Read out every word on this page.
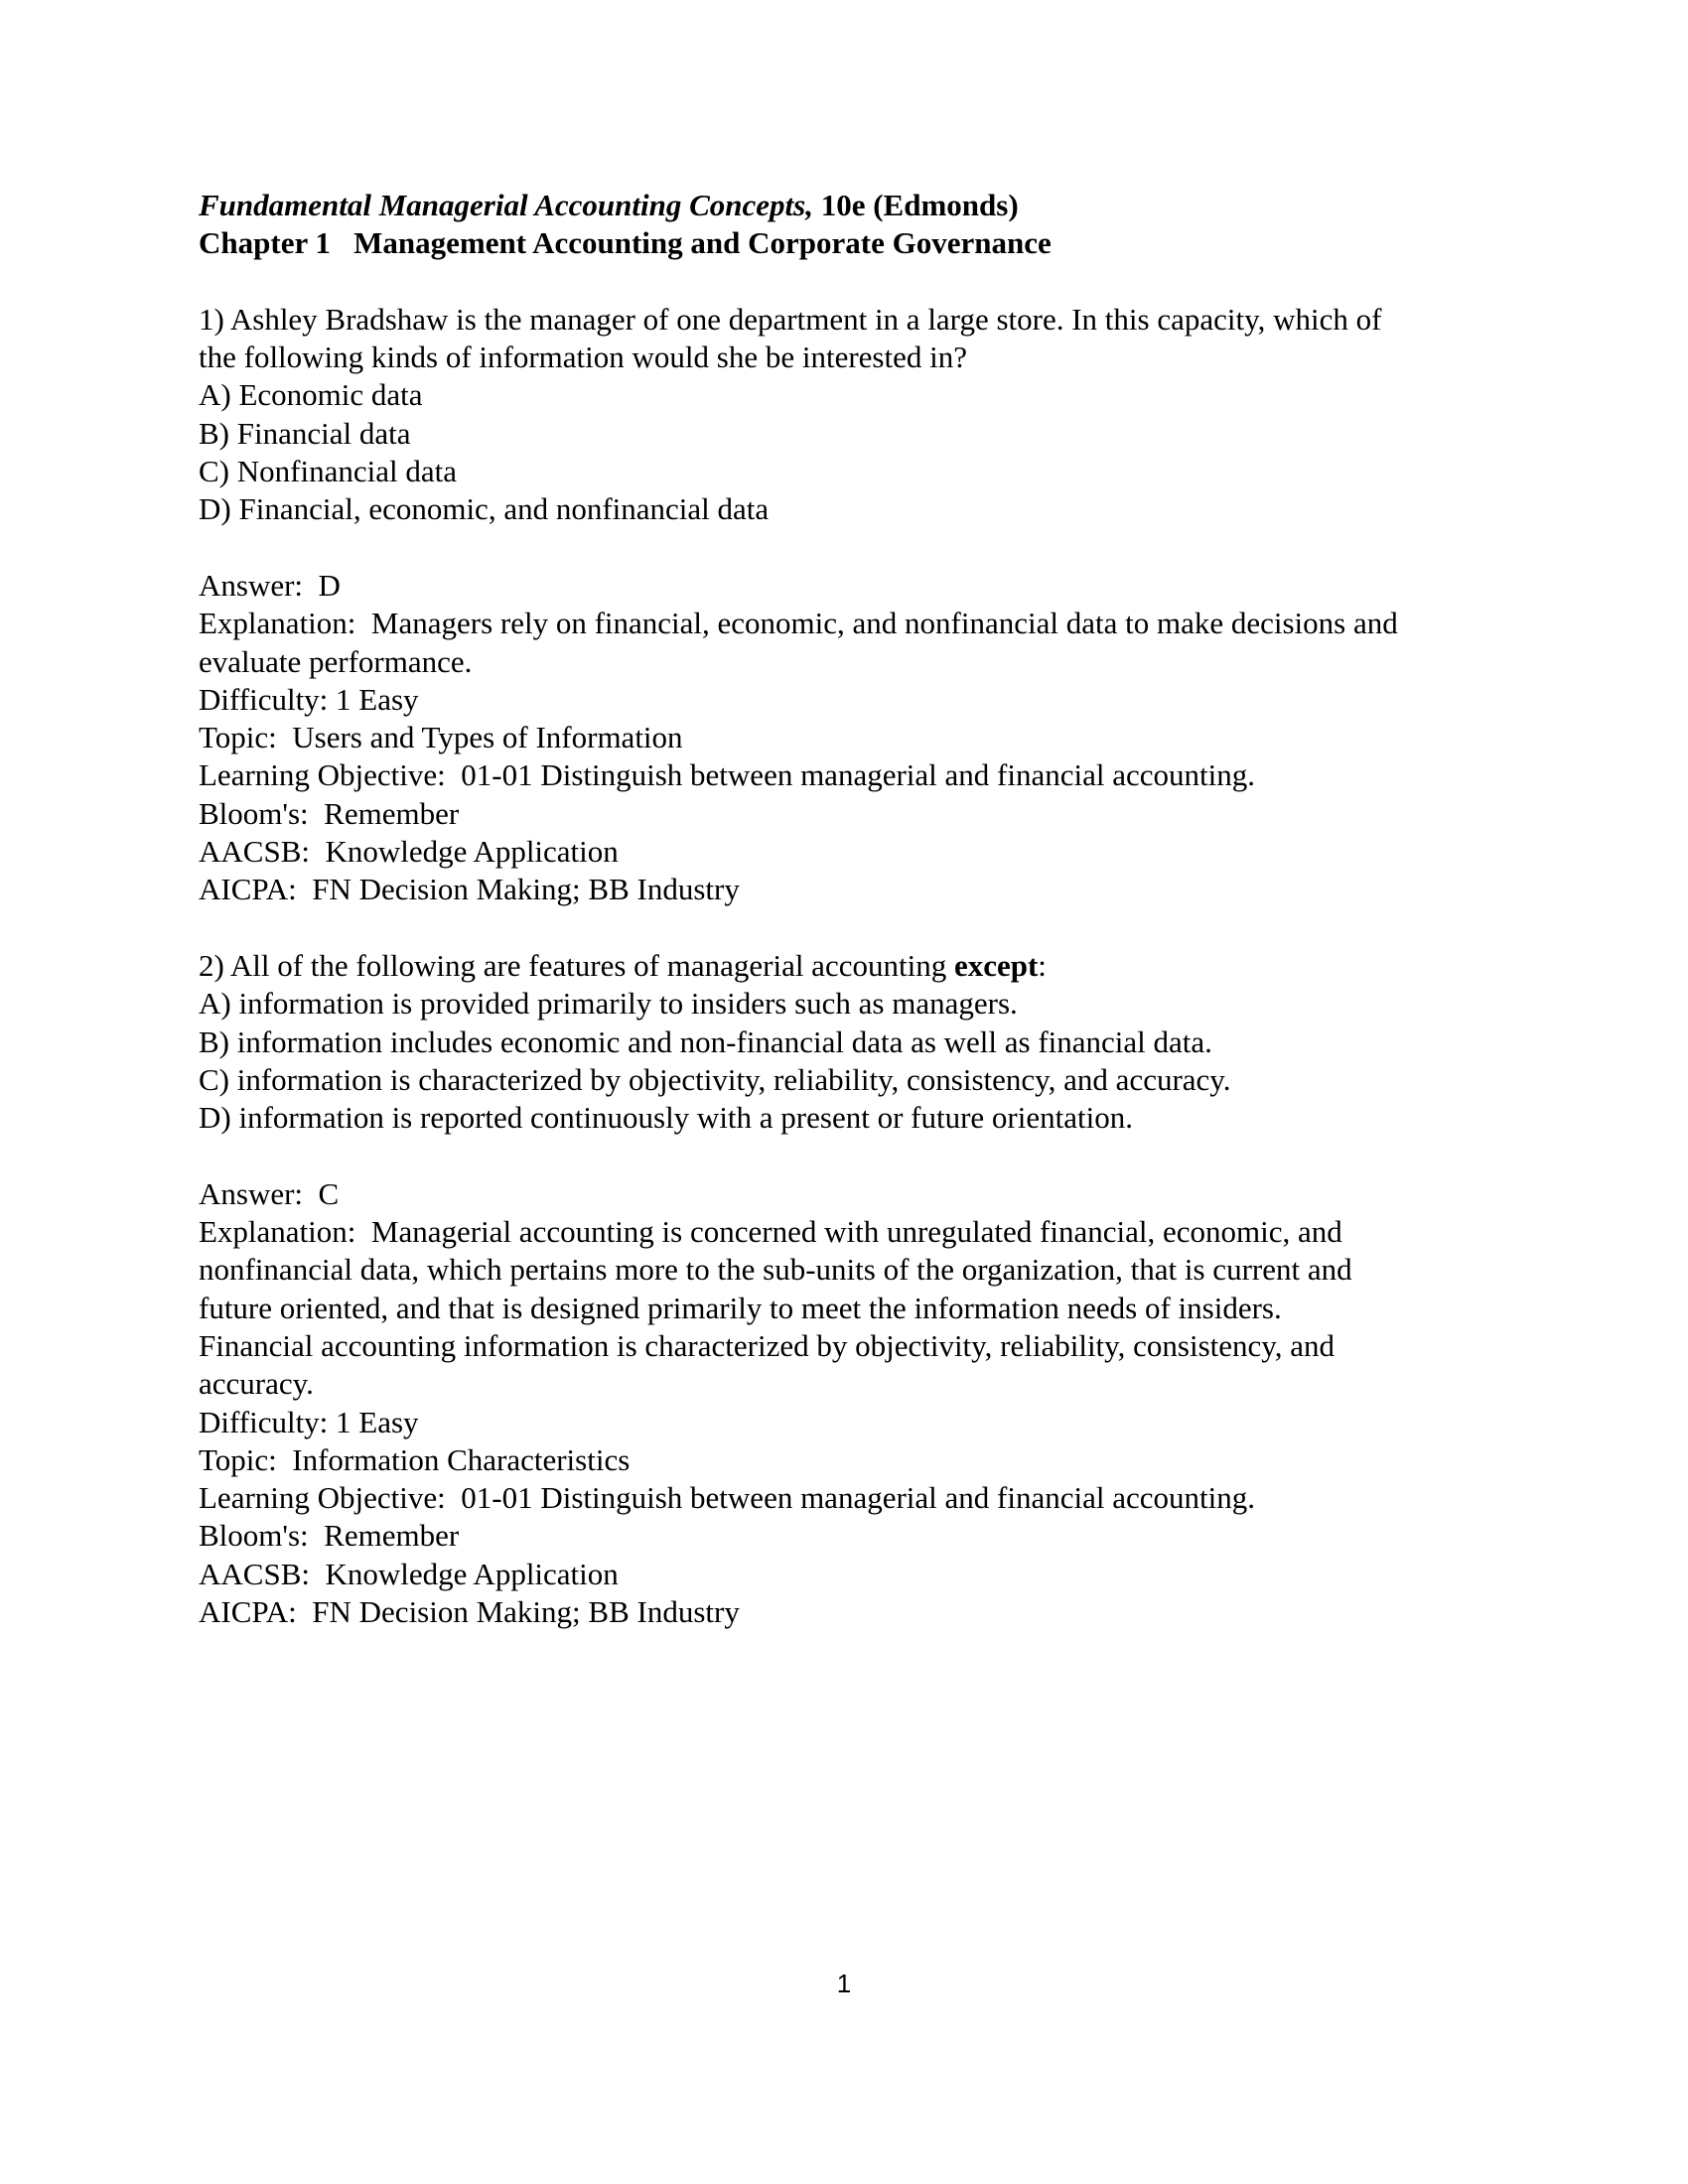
Fundamental Managerial Accounting Concepts, 10e (Edmonds)
Chapter 1   Management Accounting and Corporate Governance
1) Ashley Bradshaw is the manager of one department in a large store. In this capacity, which of
the following kinds of information would she be interested in?
A) Economic data
B) Financial data
C) Nonfinancial data
D) Financial, economic, and nonfinancial data
Answer:  D
Explanation:  Managers rely on financial, economic, and nonfinancial data to make decisions and
evaluate performance.
Difficulty: 1 Easy
Topic:  Users and Types of Information
Learning Objective:  01-01 Distinguish between managerial and financial accounting.
Bloom's:  Remember
AACSB:  Knowledge Application
AICPA:  FN Decision Making; BB Industry
2) All of the following are features of managerial accounting except:
A) information is provided primarily to insiders such as managers.
B) information includes economic and non-financial data as well as financial data.
C) information is characterized by objectivity, reliability, consistency, and accuracy.
D) information is reported continuously with a present or future orientation.
Answer:  C
Explanation:  Managerial accounting is concerned with unregulated financial, economic, and
nonfinancial data, which pertains more to the sub-units of the organization, that is current and
future oriented, and that is designed primarily to meet the information needs of insiders.
Financial accounting information is characterized by objectivity, reliability, consistency, and
accuracy.
Difficulty: 1 Easy
Topic:  Information Characteristics
Learning Objective:  01-01 Distinguish between managerial and financial accounting.
Bloom's:  Remember
AACSB:  Knowledge Application
AICPA:  FN Decision Making; BB Industry
1
